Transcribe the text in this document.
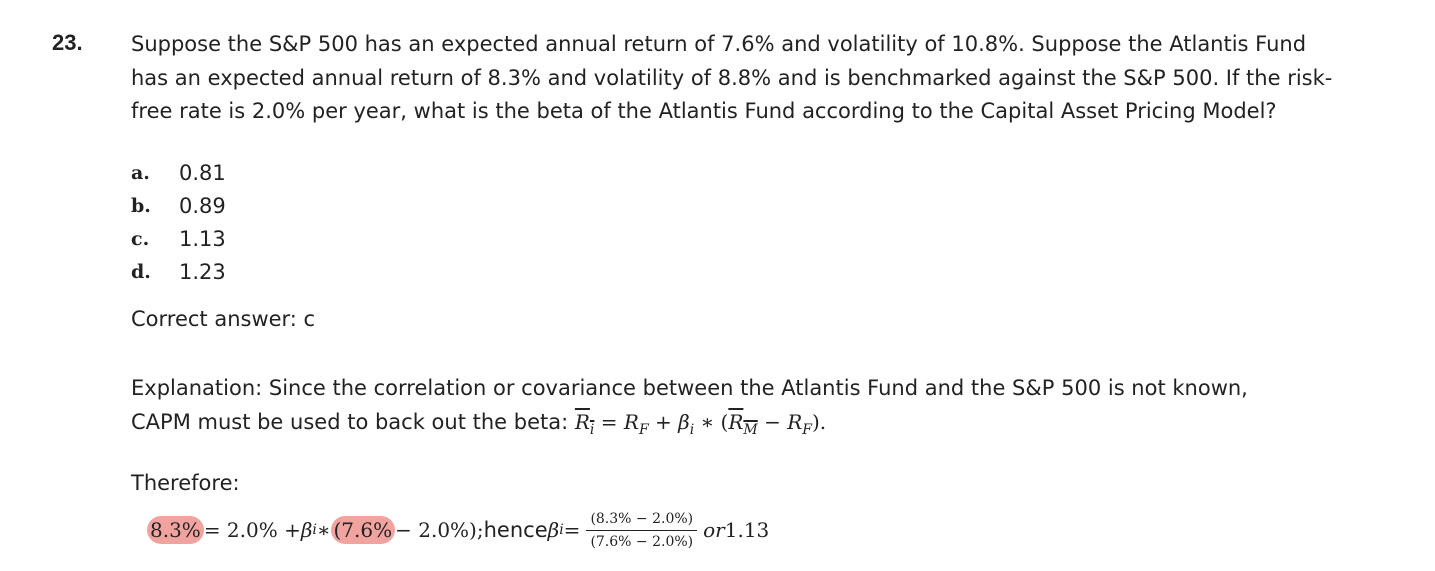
23. Suppose the S&P 500 has an expected annual return of 7.6% and volatility of 10.8%. Suppose the Atlantis Fund
has an expected annual return of 8.3% and volatility of 8.8% and is benchmarked against the S&P 500. If the risk-
free rate is 2.0% per year, what is the beta of the Atlantis Fund according to the Capital Asset Pricing Model?
a.	0.81
b.	0.89
c.	1.13
d.	1.23
Correct answer: c
Explanation: Since the correlation or covariance between the Atlantis Fund and the S&P 500 is not known,
CAPM must be used to back out the beta: $R_i = R_F + \beta_i$ ∗ $(R_M - R_F)$.
Therefore:
8.3% = 2.0% + β i ∗ (7.6% − 2.0%) ; hence β $i = \frac{(8.3\% - 2.0\%)}{(7.6\% - 2.0\%)}$ or 1.13
